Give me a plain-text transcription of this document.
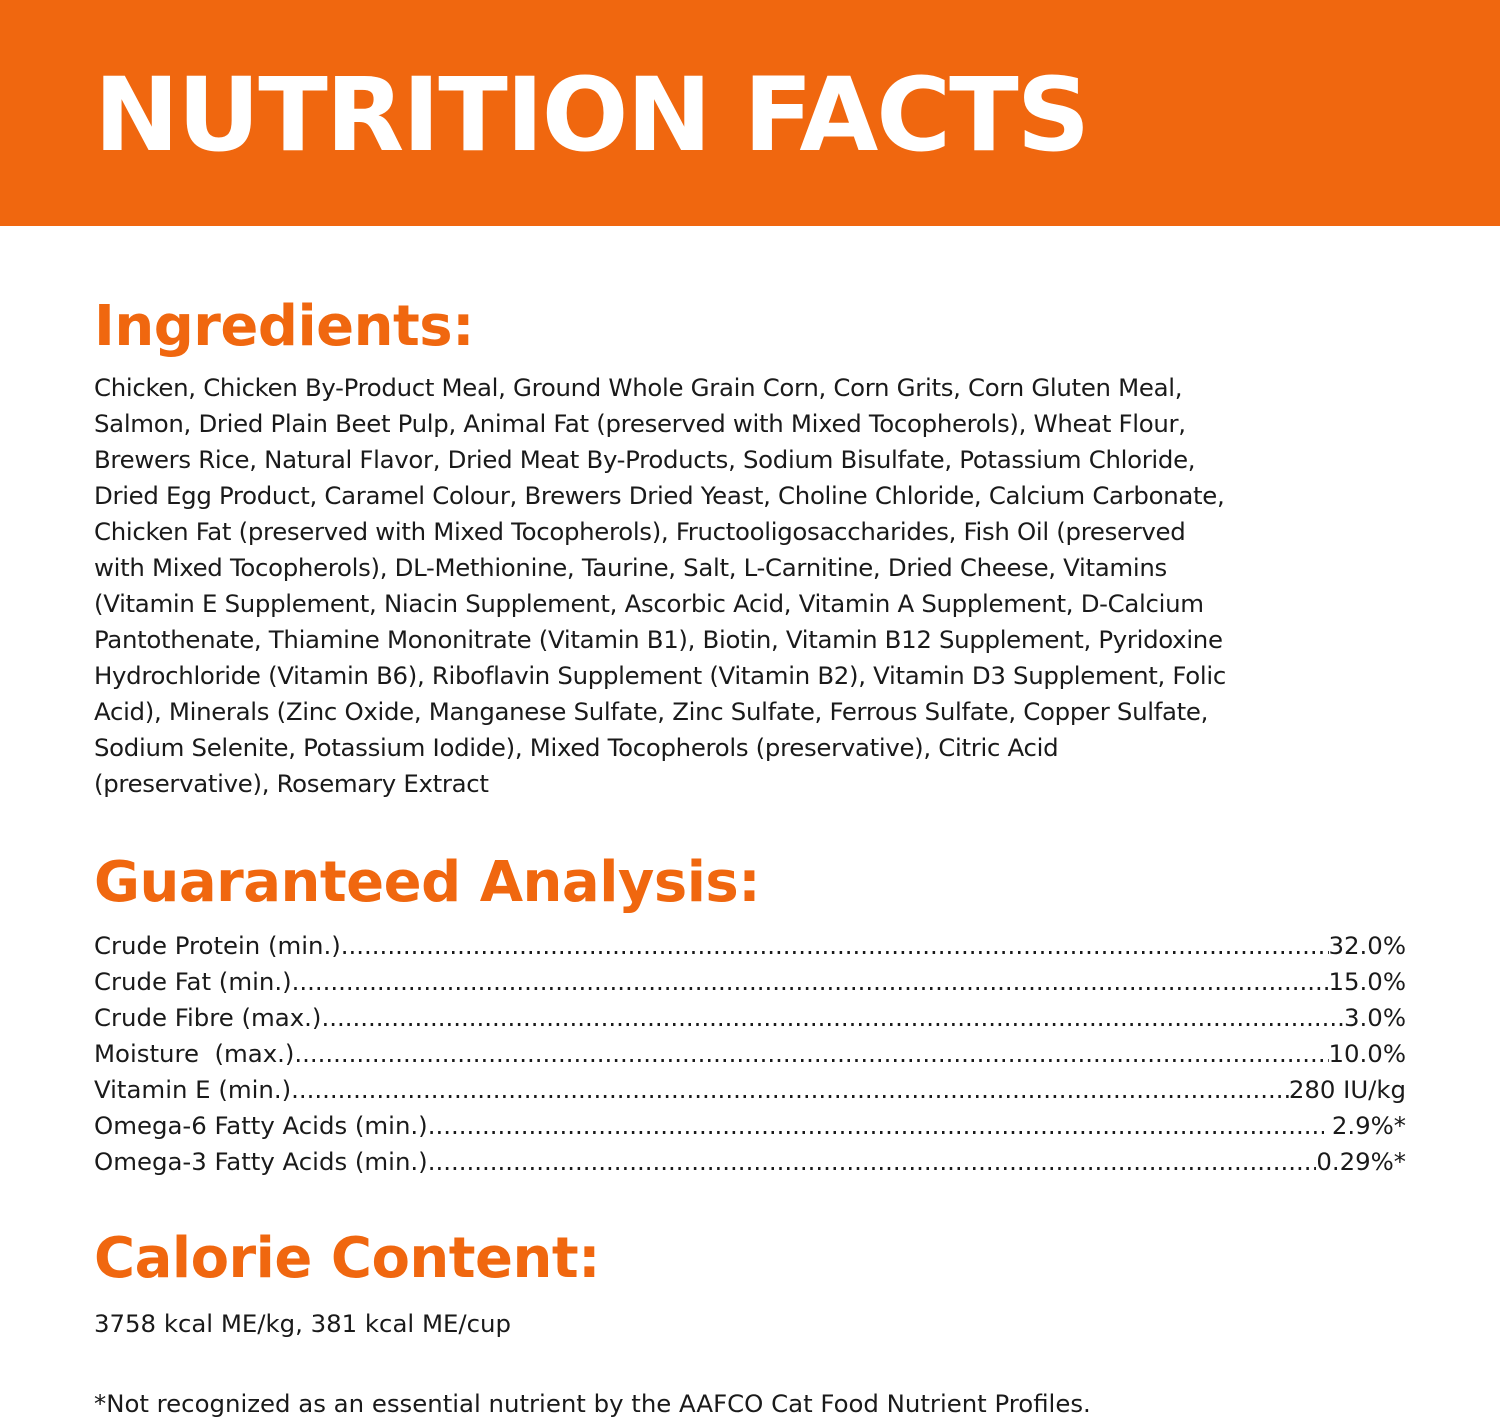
NUTRITION FACTS
Ingredients:

Chicken, Chicken By-Product Meal, Ground Whole Grain Corn, Corn Grits, Corn Gluten Meal,
Salmon, Dried Plain Beet Pulp, Animal Fat (preserved with Mixed Tocopherols), Wheat Flour,
Brewers Rice, Natural Flavor, Dried Meat By-Products, Sodium Bisulfate, Potassium Chloride,
Dried Egg Product, Caramel Colour, Brewers Dried Yeast, Choline Chloride, Calcium Carbonate,
Chicken Fat (preserved with Mixed Tocopherols), Fructooligosaccharides, Fish Oil (preserved
with Mixed Tocopherols), DL-Methionine, Taurine, Salt, L-Carnitine, Dried Cheese, Vitamins
(Vitamin E Supplement, Niacin Supplement, Ascorbic Acid, Vitamin A Supplement, D-Calcium
Pantothenate, Thiamine Mononitrate (Vitamin B1), Biotin, Vitamin B12 Supplement, Pyridoxine
Hydrochloride (Vitamin B6), Riboflavin Supplement (Vitamin B2), Vitamin D3 Supplement, Folic
Acid), Minerals (Zinc Oxide, Manganese Sulfate, Zinc Sulfate, Ferrous Sulfate, Copper Sulfate,
Sodium Selenite, Potassium Iodide), Mixed Tocopherols (preservative), Citric Acid
(preservative), Rosemary Extract

Guaranteed Analysis:
Crude Protein (min.) .....	32.0%
Crude Fat (min.) .....	15.0%
Crude Fibre (max.) .....	3.0%
Moisture  (max.) .....	10.0%
Vitamin E (min.) .....	280 IU/kg
Omega-6 Fatty Acids (min.) .....	2.9%*
Omega-3 Fatty Acids (min.) .....	0.29%*
Calorie Content:

3758 kcal ME/kg, 381 kcal ME/cup

*Not recognized as an essential nutrient by the AAFCO Cat Food Nutrient Profiles.
